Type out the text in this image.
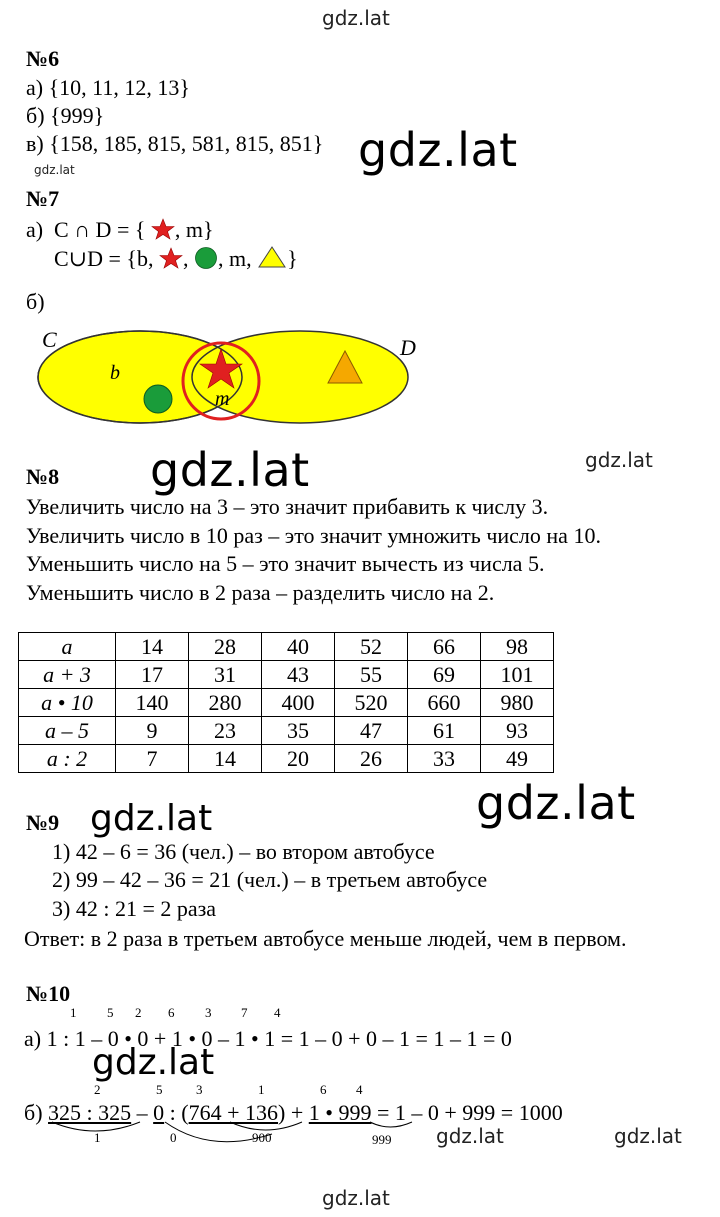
gdz.lat
№6
а) {10, 11, 12, 13}
б) {999}
в) {158, 185, 815, 581, 815, 851}
gdz.lat	gdz.lat
№7
а) C ∩ D = { , m}
C∪D = {b, , , m, }
б)
C	D
b
m
gdz.lat
№8 gdz.lat
Увеличить число на 3 – это значит прибавить к числу 3.
Увеличить число в 10 раз – это значит умножить число на 10.
Уменьшить число на 5 – это значит вычесть из числа 5.
Уменьшить число в 2 раза – разделить число на 2.
a	14	28	40	52	66	98
a + 3	17	31	43	55	69	101
a • 10	140	280	400	520	660	980
a – 5	9	23	35	47	61	93
a : 2	7	14	20	26	33	49
gdz.lat
№9 gdz.lat
1) 42 – 6 = 36 (чел.) – во втором автобусе
2) 99 – 42 – 36 = 21 (чел.) – в третьем автобусе
3) 42 : 21 = 2 раза
Ответ: в 2 раза в третьем автобусе меньше людей, чем в первом.
№10
1 5 2 6 3 7 4
а) 1 : 1 – 0 • 0 + 1 • 0 – 1 • 1 = 1 – 0 + 0 – 1 = 1 – 1 = 0
gdz.lat
2	5	3	1	6 4
б) 325 : 325 – 0 : (764 + 136) + 1 • 999 = 1 – 0 + 999 = 1000
1	0	900	999 gdz.lat	gdz.lat
gdz.lat
